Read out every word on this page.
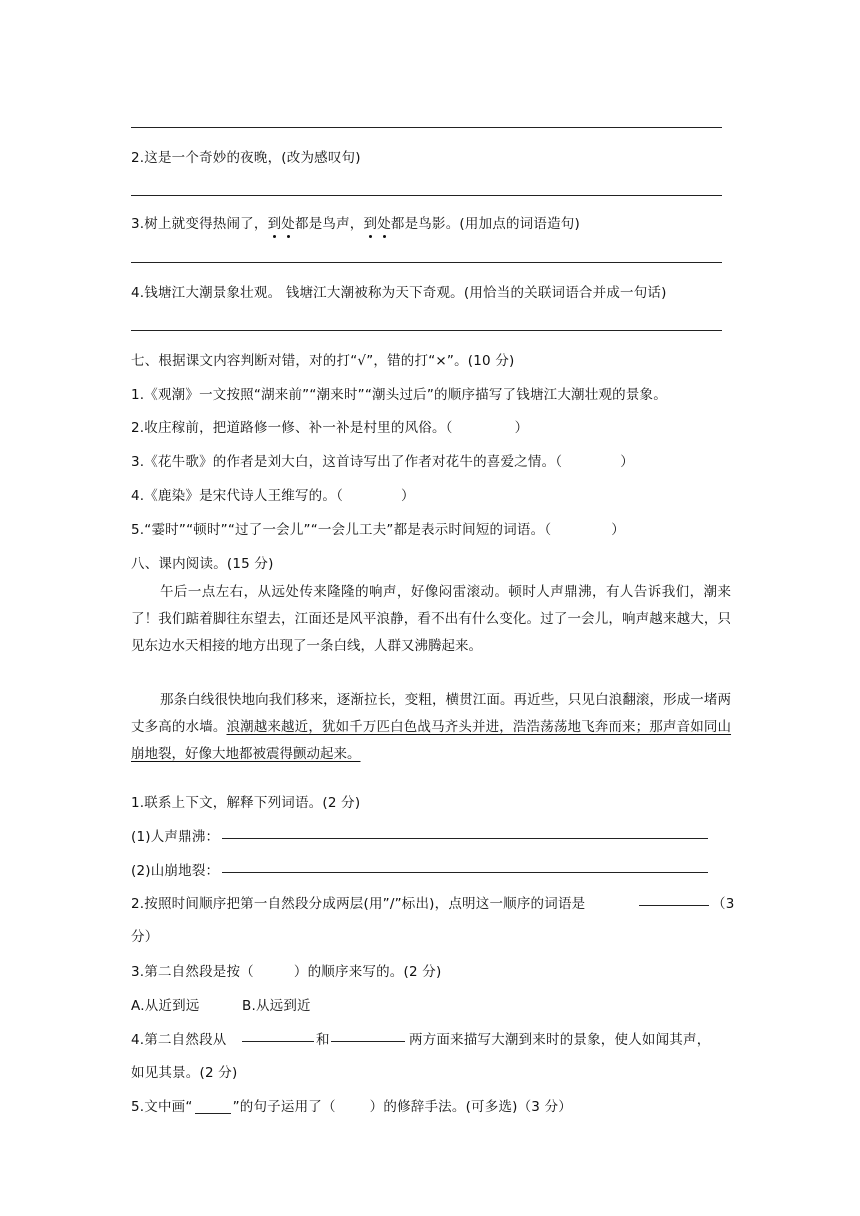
2.这是一个奇妙的夜晚，(改为感叹句)
3.树上就变得热闹了，到处都是鸟声，到处都是鸟影。(用加点的词语造句)
4.钱塘江大潮景象壮观。 钱塘江大潮被称为天下奇观。(用恰当的关联词语合并成一句话)
七、根据课文内容判断对错，对的打“√”，错的打“×”。(10 分)
1.《观潮》一文按照“湖来前”“潮来时”“潮头过后”的顺序描写了钱塘江大潮壮观的景象。
2.收庄稼前，把道路修一修、补一补是村里的风俗。（	）
3.《花牛歌》的作者是刘大白，这首诗写出了作者对花牛的喜爱之情。（	）
4.《鹿染》是宋代诗人王维写的。（	）
5.“霎时”“顿时”“过了一会儿”“一会儿工夫”都是表示时间短的词语。（	）
八、课内阅读。(15 分)
午后一点左右，从远处传来隆隆的响声，好像闷雷滚动。顿时人声鼎沸，有人告诉我们，潮来了！我们踮着脚往东望去，江面还是风平浪静，看不出有什么变化。过了一会儿，响声越来越大，只见东边水天相接的地方出现了一条白线，人群又沸腾起来。
那条白线很快地向我们移来，逐渐拉长，变粗，横贯江面。再近些，只见白浪翻滚，形成一堵两丈多高的水墙。浪潮越来越近，犹如千万匹白色战马齐头并进，浩浩荡荡地飞奔而来；那声音如同山崩地裂，好像大地都被震得颤动起来。
1.联系上下文，解释下列词语。(2 分)
(1)人声鼎沸：
(2)山崩地裂：
2.按照时间顺序把第一自然段分成两层(用”/”标出)，点明这一顺序的词语是	（3
分）
3.第二自然段是按（	）的顺序来写的。(2 分)
A.从近到远	B.从远到近
4.第二自然段从	和	两方面来描写大潮到来时的景象，使人如闻其声，
如见其景。(2 分)
5.文中画“	”的句子运用了（	）的修辞手法。(可多选)（3 分）
